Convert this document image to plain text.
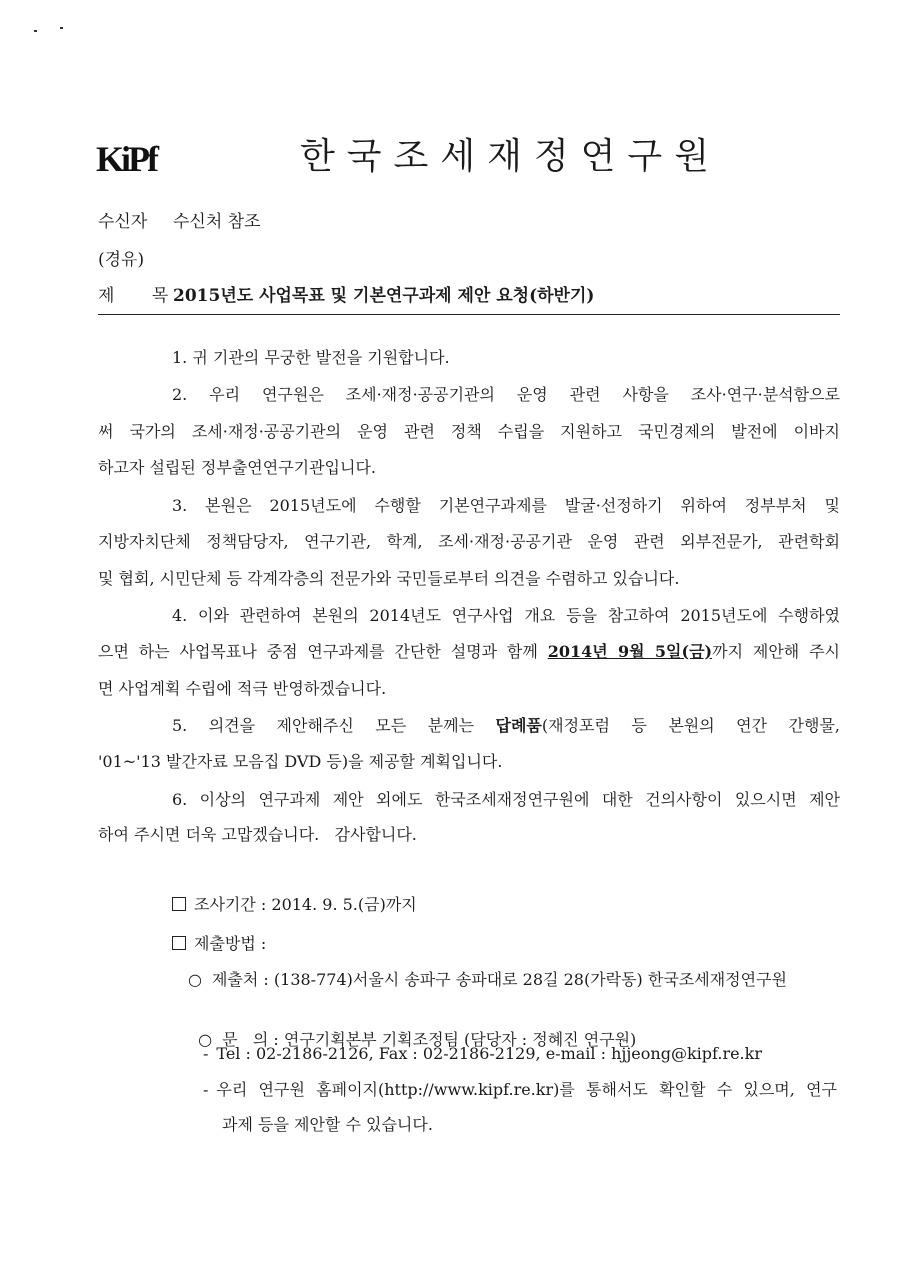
KiPf	한국조세재정연구원
수신자 수신처 참조
(경유)
제 목2015년도 사업목표 및 기본연구과제 제안 요청(하반기)
1. 귀 기관의 무궁한 발전을 기원합니다.
2. 우리 연구원은 조세·재정·공공기관의 운영 관련 사항을 조사·연구·분석함으로
써 국가의 조세·재정·공공기관의 운영 관련 정책 수립을 지원하고 국민경제의 발전에 이바지
하고자 설립된 정부출연연구기관입니다.
3. 본원은 2015년도에 수행할 기본연구과제를 발굴·선정하기 위하여 정부부처 및
지방자치단체 정책담당자, 연구기관, 학계, 조세·재정·공공기관 운영 관련 외부전문가, 관련학회
및 협회, 시민단체 등 각계각층의 전문가와 국민들로부터 의견을 수렴하고 있습니다.
4. 이와 관련하여 본원의 2014년도 연구사업 개요 등을 참고하여 2015년도에 수행하였
으면 하는 사업목표나 중점 연구과제를 간단한 설명과 함께 2014년 9월 5일(금)까지 제안해 주시
면 사업계획 수립에 적극 반영하겠습니다.
5. 의견을 제안해주신 모든 분께는 답례품(재정포럼 등 본원의 연간 간행물,
'01~'13 발간자료 모음집 DVD 등)을 제공할 계획입니다.
6. 이상의 연구과제 제안 외에도 한국조세재정연구원에 대한 건의사항이 있으시면 제안
하여 주시면 더욱 고맙겠습니다.   감사합니다.
조사기간 : 2014. 9. 5.(금)까지
제출방법 :
○ 제출처 : (138-774)서울시 송파구 송파대로 28길 28(가락동) 한국조세재정연구원

○ 문   의 : 연구기획본부 기획조정팀 (담당자 : 정혜진 연구원)

- Tel : 02-2186-2126, Fax : 02-2186-2129, e-mail : hjjeong@kipf.re.kr
- 우리 연구원 홈페이지(http://www.kipf.re.kr)를 통해서도 확인할 수 있으며, 연구
과제 등을 제안할 수 있습니다.
